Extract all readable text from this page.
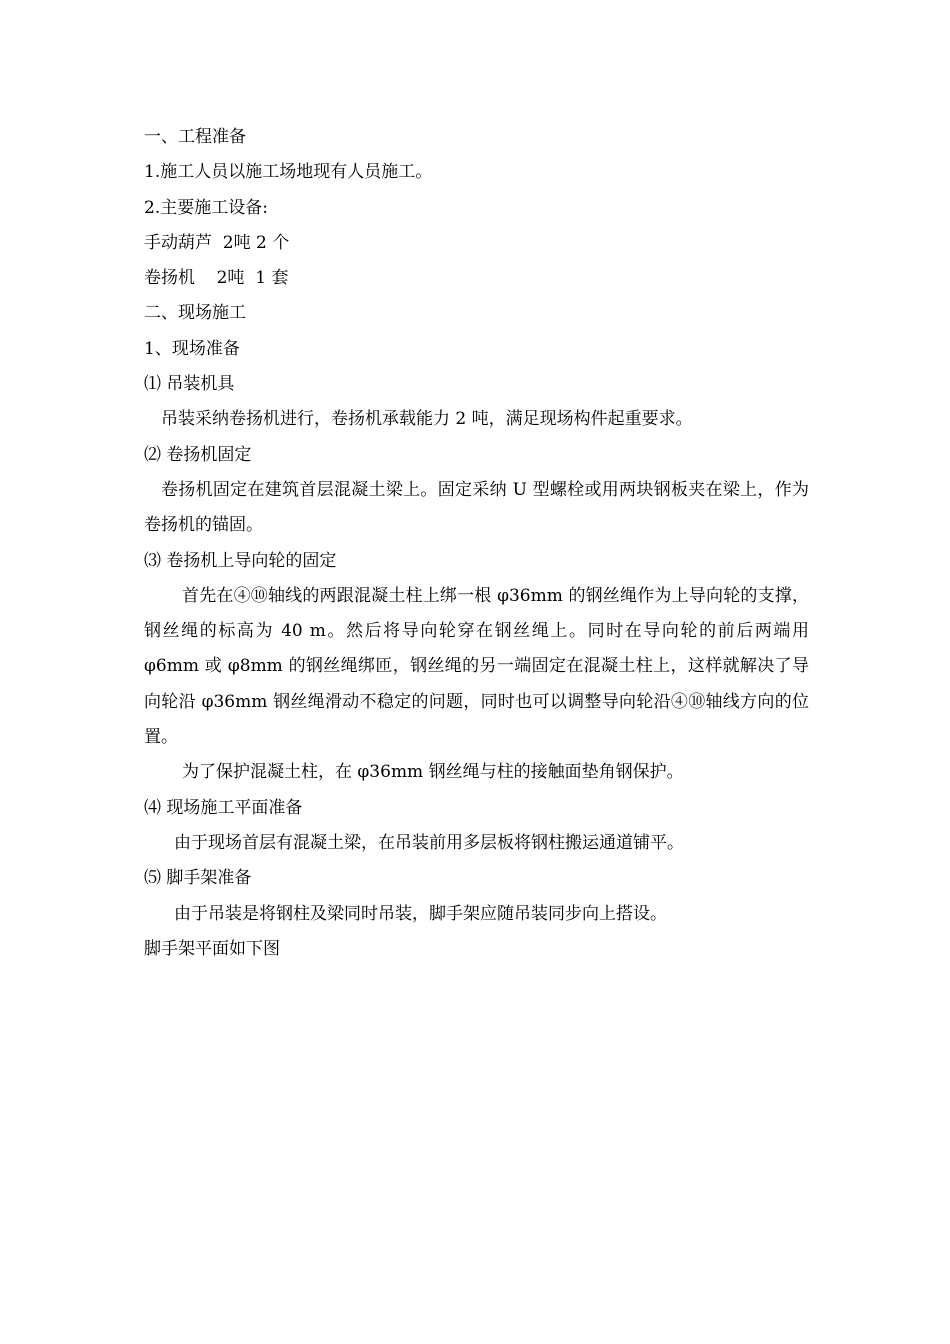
一、工程准备

1.施工人员以施工场地现有人员施工。

2.主要施工设备:

手动葫芦  2吨 2 个

卷扬机    2吨  1 套

二、现场施工

1、现场准备

⑴ 吊装机具

吊装采纳卷扬机进行，卷扬机承载能力 2 吨，满足现场构件起重要求。

⑵ 卷扬机固定

卷扬机固定在建筑首层混凝土梁上。固定采纳 U 型螺栓或用两块钢板夹在梁上，作为卷扬机的锚固。

⑶ 卷扬机上导向轮的固定

首先在④⑩轴线的两跟混凝土柱上绑一根 φ36mm 的钢丝绳作为上导向轮的支撑，钢丝绳的标高为 40 m。然后将导向轮穿在钢丝绳上。同时在导向轮的前后两端用 φ6mm 或 φ8mm 的钢丝绳绑匝，钢丝绳的另一端固定在混凝土柱上，这样就解决了导向轮沿 φ36mm 钢丝绳滑动不稳定的问题，同时也可以调整导向轮沿④⑩轴线方向的位置。

为了保护混凝土柱，在 φ36mm 钢丝绳与柱的接触面垫角钢保护。

⑷ 现场施工平面准备

由于现场首层有混凝土梁，在吊装前用多层板将钢柱搬运通道铺平。

⑸ 脚手架准备

由于吊装是将钢柱及梁同时吊装，脚手架应随吊装同步向上搭设。

脚手架平面如下图
